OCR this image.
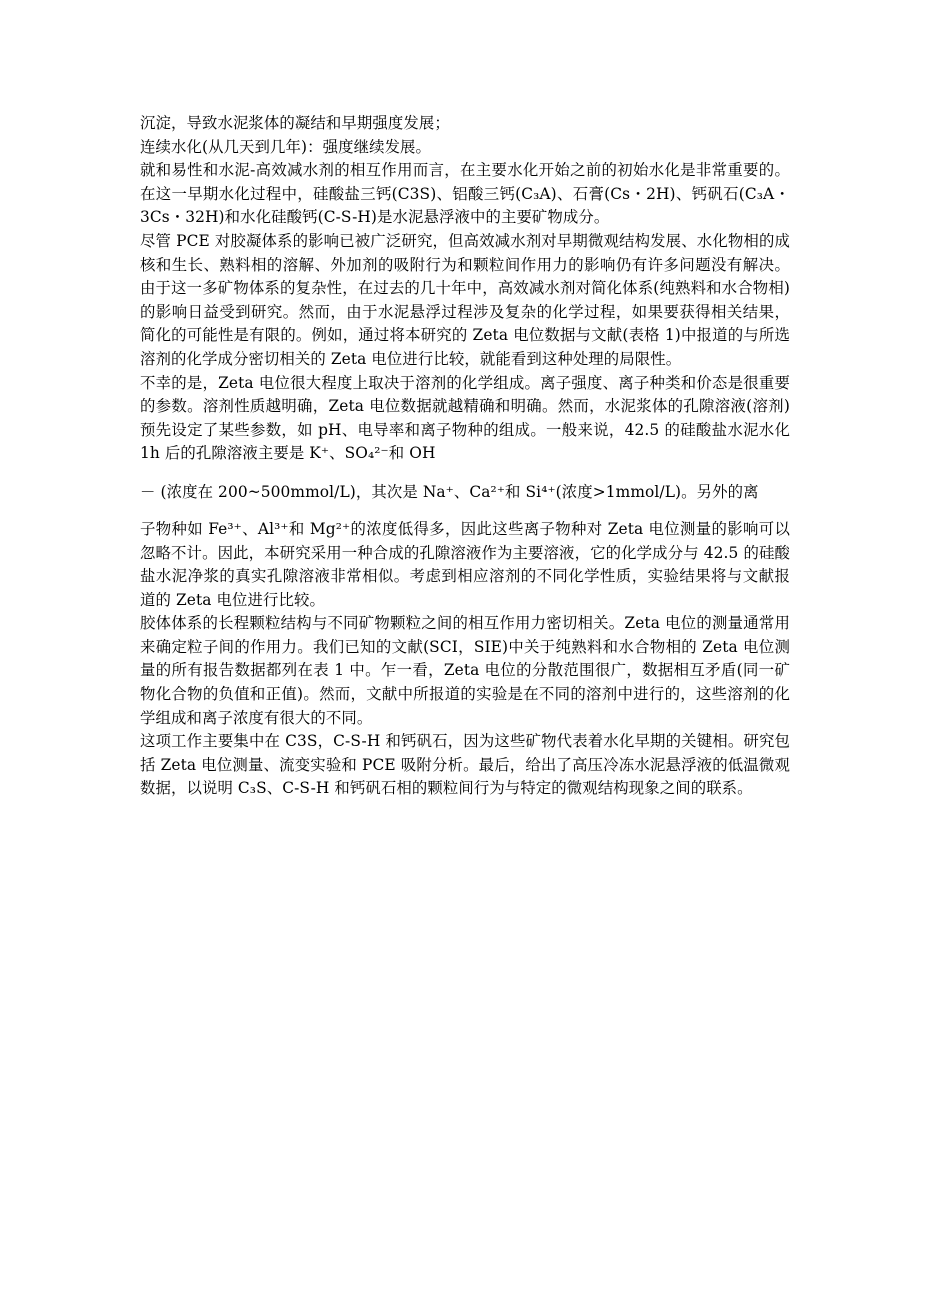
沉淀，导致水泥浆体的凝结和早期强度发展；

连续水化(从几天到几年)：强度继续发展。

就和易性和水泥-高效减水剂的相互作用而言，在主要水化开始之前的初始水化是非常重要的。在这一早期水化过程中，硅酸盐三钙(C3S)、铝酸三钙(C₃A)、石膏(Cs・2H)、钙矾石(C₃A・3Cs・32H)和水化硅酸钙(C-S-H)是水泥悬浮液中的主要矿物成分。

尽管 PCE 对胶凝体系的影响已被广泛研究，但高效减水剂对早期微观结构发展、水化物相的成核和生长、熟料相的溶解、外加剂的吸附行为和颗粒间作用力的影响仍有许多问题没有解决。由于这一多矿物体系的复杂性，在过去的几十年中，高效减水剂对简化体系(纯熟料和水合物相)的影响日益受到研究。然而，由于水泥悬浮过程涉及复杂的化学过程，如果要获得相关结果，简化的可能性是有限的。例如，通过将本研究的 Zeta 电位数据与文献(表格 1)中报道的与所选溶剂的化学成分密切相关的 Zeta 电位进行比较，就能看到这种处理的局限性。

不幸的是，Zeta 电位很大程度上取决于溶剂的化学组成。离子强度、离子种类和价态是很重要的参数。溶剂性质越明确，Zeta 电位数据就越精确和明确。然而，水泥浆体的孔隙溶液(溶剂)预先设定了某些参数，如 pH、电导率和离子物种的组成。一般来说，42.5 的硅酸盐水泥水化 1h 后的孔隙溶液主要是 K⁺、SO₄²⁻和 OH

－ (浓度在 200~500mmol/L)，其次是 Na⁺、Ca²⁺和 Si⁴⁺(浓度>1mmol/L)。另外的离

子物种如 Fe³⁺、Al³⁺和 Mg²⁺的浓度低得多，因此这些离子物种对 Zeta 电位测量的影响可以忽略不计。因此，本研究采用一种合成的孔隙溶液作为主要溶液，它的化学成分与 42.5 的硅酸盐水泥净浆的真实孔隙溶液非常相似。考虑到相应溶剂的不同化学性质，实验结果将与文献报道的 Zeta 电位进行比较。

胶体体系的长程颗粒结构与不同矿物颗粒之间的相互作用力密切相关。Zeta 电位的测量通常用来确定粒子间的作用力。我们已知的文献(SCI，SIE)中关于纯熟料和水合物相的 Zeta 电位测量的所有报告数据都列在表 1 中。乍一看，Zeta 电位的分散范围很广，数据相互矛盾(同一矿物化合物的负值和正值)。然而，文献中所报道的实验是在不同的溶剂中进行的，这些溶剂的化学组成和离子浓度有很大的不同。

这项工作主要集中在 C3S，C-S-H 和钙矾石，因为这些矿物代表着水化早期的关键相。研究包括 Zeta 电位测量、流变实验和 PCE 吸附分析。最后，给出了高压冷冻水泥悬浮液的低温微观数据，以说明 C₃S、C-S-H 和钙矾石相的颗粒间行为与特定的微观结构现象之间的联系。
